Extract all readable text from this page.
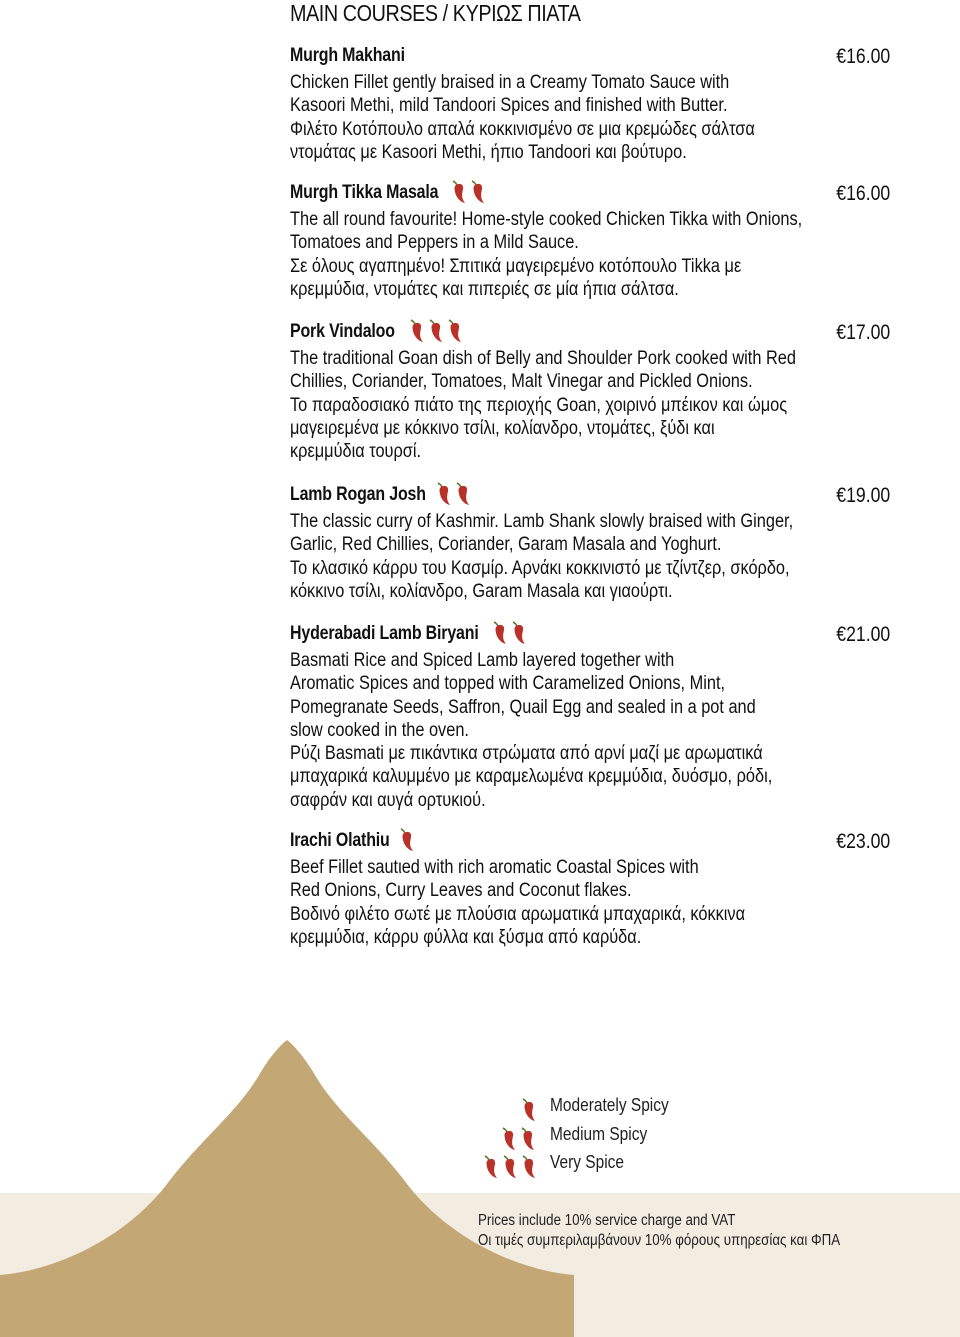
MAIN COURSES / ΚΥΡΙΩΣ ΠΙΑΤΑ
Murgh Makhani	€16.00
Chicken Fillet gently braised in a Creamy Tomato Sauce with
Kasoori Methi, mild Tandoori Spices and finished with Butter.
Φιλέτο Κοτόπουλο απαλά κοκκινισμένο σε μια κρεμώδες σάλτσα
ντομάτας με Kasoori Methi, ήπιο Tandoori και βούτυρο.
Murgh Tikka Masala	€16.00
The all round favourite! Home-style cooked Chicken Tikka with Onions,
Tomatoes and Peppers in a Mild Sauce.
Σε όλους αγαπημένο! Σπιτικά μαγειρεμένο κοτόπουλο Tikka με
κρεμμύδια, ντομάτες και πιπεριές σε μία ήπια σάλτσα.
Pork Vindaloo	€17.00
The traditional Goan dish of Belly and Shoulder Pork cooked with Red
Chillies, Coriander, Tomatoes, Malt Vinegar and Pickled Onions.
Το παραδοσιακό πιάτο της περιοχής Goan, χοιρινό μπέικον και ώμος
μαγειρεμένα με κόκκινο τσίλι, κολίανδρο, ντομάτες, ξύδι και
κρεμμύδια τουρσί.
Lamb Rogan Josh	€19.00
The classic curry of Kashmir. Lamb Shank slowly braised with Ginger,
Garlic, Red Chillies, Coriander, Garam Masala and Yoghurt.
Το κλασικό κάρρυ του Κασμίρ. Αρνάκι κοκκινιστό με τζίντζερ, σκόρδο,
κόκκινο τσίλι, κολίανδρο, Garam Masala και γιαούρτι.
Hyderabadi Lamb Biryani	€21.00
Basmati Rice and Spiced Lamb layered together with
Aromatic Spices and topped with Caramelized Onions, Mint,
Pomegranate Seeds, Saffron, Quail Egg and sealed in a pot and
slow cooked in the oven.
Ρύζι Basmati με πικάντικα στρώματα από αρνί μαζί με αρωματικά
μπαχαρικά καλυμμένο με καραμελωμένα κρεμμύδια, δυόσμο, ρόδι,
σαφράν και αυγά ορτυκιού.
Irachi Olathiu	€23.00
Beef Fillet sautιed with rich aromatic Coastal Spices with
Red Onions, Curry Leaves and Coconut flakes.
Βοδινό φιλέτο σωτέ με πλούσια αρωματικά μπαχαρικά, κόκκινα
κρεμμύδια, κάρρυ φύλλα και ξύσμα από καρύδα.
Moderately Spicy
Medium Spicy
Very Spice
Prices include 10% service charge and VAT
Οι τιμές συμπεριλαμβάνουν 10% φόρους υπηρεσίας και ΦΠΑ
